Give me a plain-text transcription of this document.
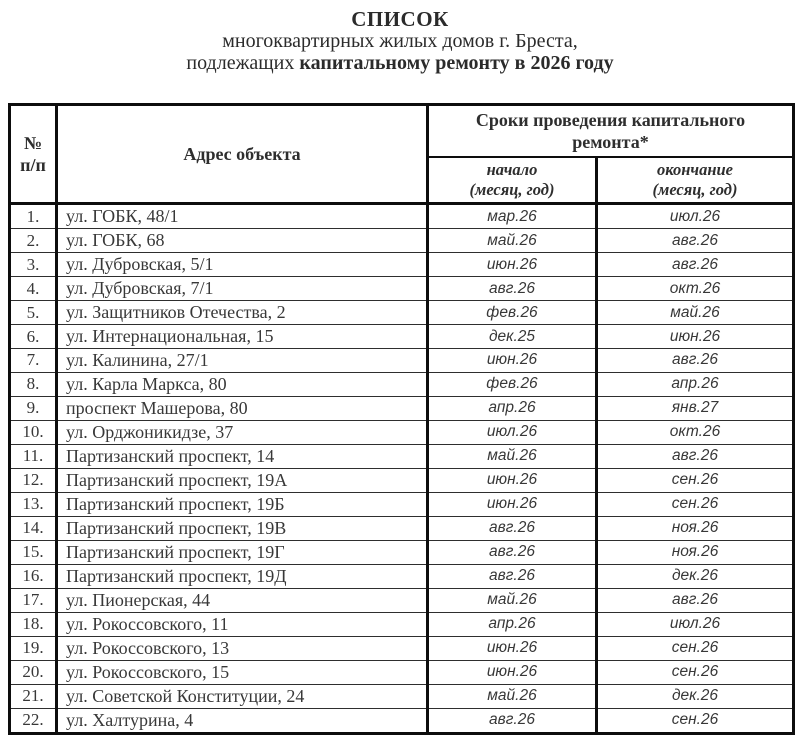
СПИСОК
многоквартирных жилых домов г. Бреста,
подлежащих капитальному ремонту в 2026 году
№
п/п	Адрес объекта	Сроки проведения капитального ремонта*	

начало
(месяц, год)

окончание
(месяц, год)

1.	ул. ГОБК, 48/1	мар.26	июл.26
2.	ул. ГОБК, 68	май.26	авг.26
3.	ул. Дубровская, 5/1	июн.26	авг.26
4.	ул. Дубровская, 7/1	авг.26	окт.26
5.	ул. Защитников Отечества, 2	фев.26	май.26
6.	ул. Интернациональная, 15	дек.25	июн.26
7.	ул. Калинина, 27/1	июн.26	авг.26
8.	ул. Карла Маркса, 80	фев.26	апр.26
9.	проспект Машерова, 80	апр.26	янв.27
10.	ул. Орджоникидзе, 37	июл.26	окт.26
11.	Партизанский проспект, 14	май.26	авг.26
12.	Партизанский проспект, 19А	июн.26	сен.26
13.	Партизанский проспект, 19Б	июн.26	сен.26
14.	Партизанский проспект, 19В	авг.26	ноя.26
15.	Партизанский проспект, 19Г	авг.26	ноя.26
16.	Партизанский проспект, 19Д	авг.26	дек.26
17.	ул. Пионерская, 44	май.26	авг.26
18.	ул. Рокоссовского, 11	апр.26	июл.26
19.	ул. Рокоссовского, 13	июн.26	сен.26
20.	ул. Рокоссовского, 15	июн.26	сен.26
21.	ул. Советской Конституции, 24	май.26	дек.26
22.	ул. Халтурина, 4	авг.26	сен.26
